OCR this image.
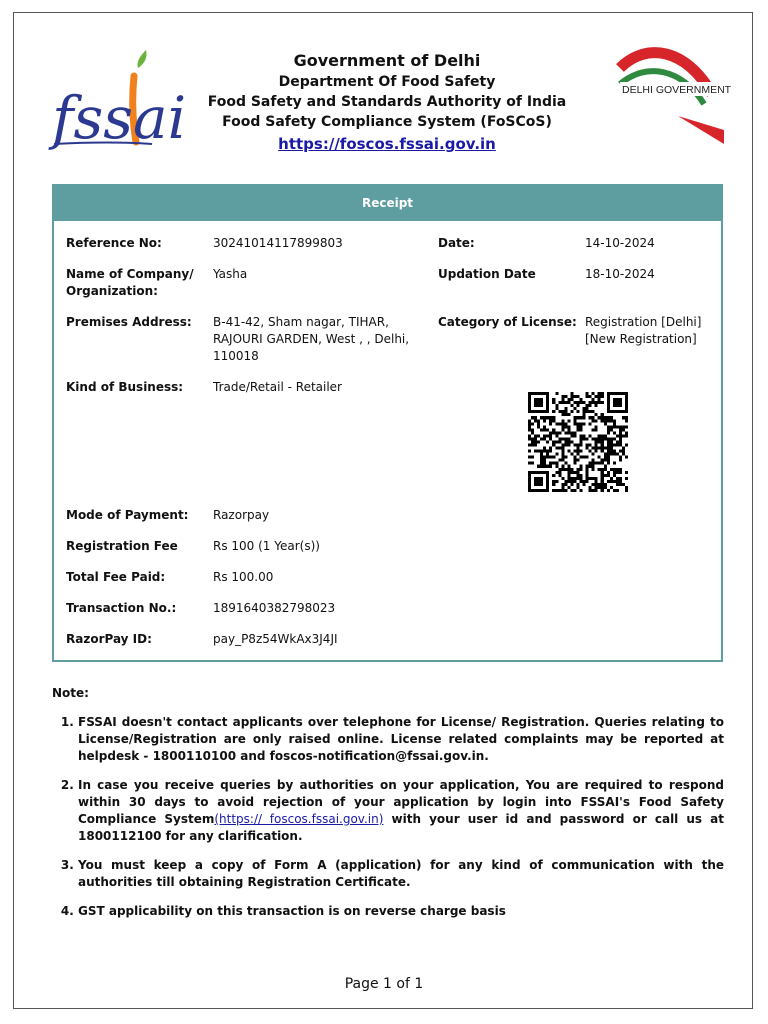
fssai	DELHI GOVERNMENT
Government of Delhi
Department Of Food Safety
Food Safety and Standards Authority of India
Food Safety Compliance System (FoSCoS)
https://foscos.fssai.gov.in
Receipt
Reference No:	30241014117899803	Date:	14-10-2024
Name of Company/ Organization:
Yasha	Updation Date	18-10-2024
Premises Address: B-41-42, Sham nagar, TIHAR, RAJOURI GARDEN, West , , Delhi, 110018
Category of License: Registration [Delhi] [New Registration]
Kind of Business: Trade/Retail - Retailer
Mode of Payment: Razorpay
Registration Fee	Rs 100 (1 Year(s))
Total Fee Paid:	Rs 100.00
Transaction No.:	1891640382798023
RazorPay ID:	pay_P8z54WkAx3J4JI
Note:
1. FSSAI doesn't contact applicants over telephone for License/ Registration. Queries relating to License/Registration are only raised online. License related complaints may be reported at helpdesk - 1800110100 and foscos-notification@fssai.gov.in.
2. In case you receive queries by authorities on your application, You are required to respond within 30 days to avoid rejection of your application by login into FSSAI's Food Safety Compliance System(https:// foscos.fssai.gov.in) with your user id and password or call us at 1800112100 for any clarification.
3. You must keep a copy of Form A (application) for any kind of communication with the authorities till obtaining Registration Certificate.
4. GST applicability on this transaction is on reverse charge basis
Page 1 of 1
